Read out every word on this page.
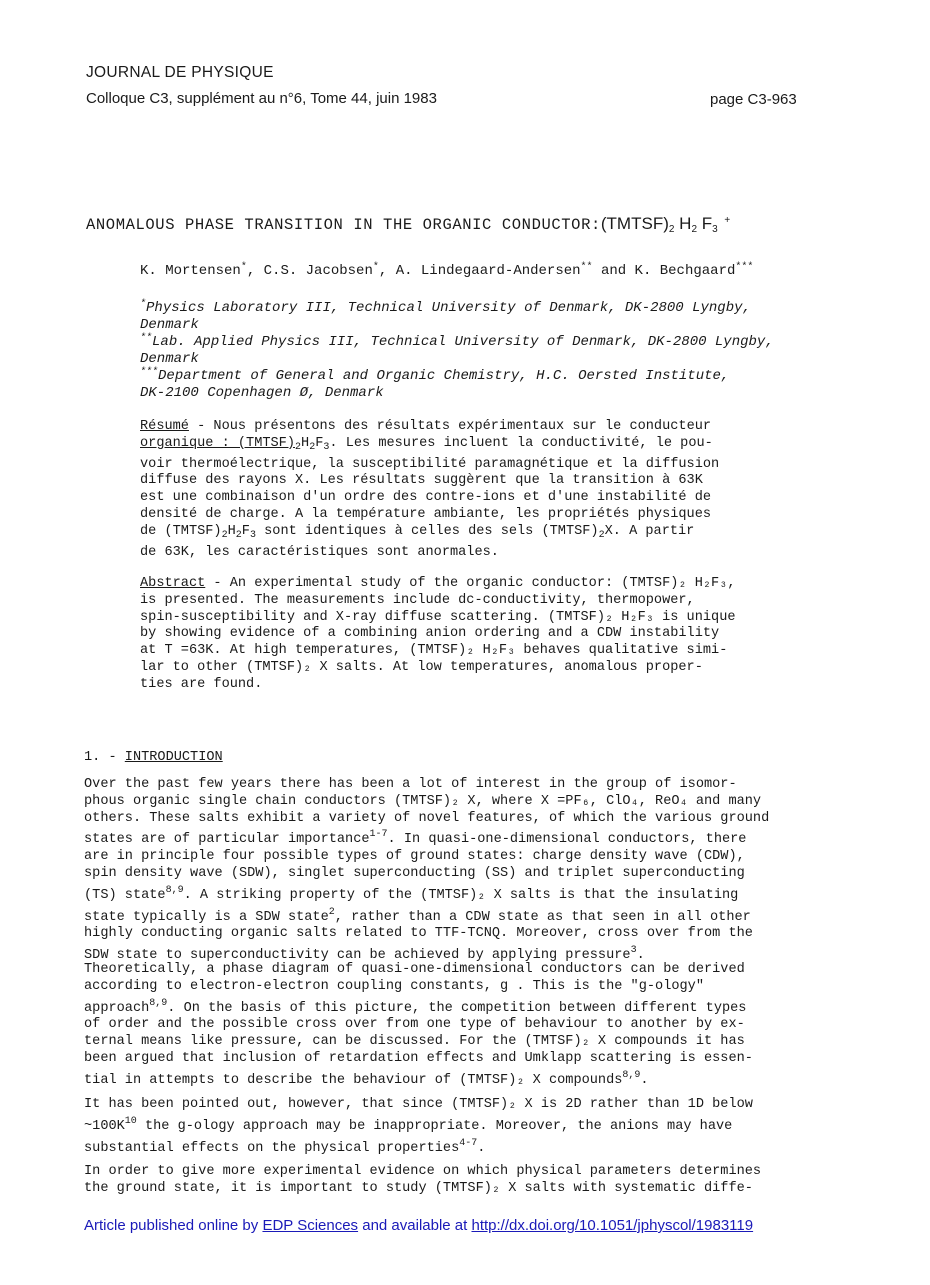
JOURNAL DE PHYSIQUE
Colloque C3, supplément au n°6, Tome 44, juin 1983	page C3-963
ANOMALOUS PHASE TRANSITION IN THE ORGANIC $CONDUCTOR:(TMTSF)_2$ $H_2$ $F_3$ +
K. Mortensen*, C.S. Jacobsen*, A. Lindegaard-Andersen** and K. Bechgaard***
*Physics Laboratory III, Technical University of Denmark, DK-2800 Lyngby,
Denmark
**Lab. Applied Physics III, Technical University of Denmark, DK-2800 Lyngby,
Denmark
***Department of General and Organic Chemistry, H.C. Oersted Institute,
DK-2100 Copenhagen Ø, Denmark
Résumé - Nous présentons des résultats expérimentaux sur le conducteur
organique : $(TMTSF)_2H_2F_3$. Les mesures incluent la conductivité, le pou-
voir thermoélectrique, la susceptibilité paramagnétique et la diffusion
diffuse des rayons X. Les résultats suggèrent que la transition à 63K
est une combinaison d'un ordre des contre-ions et d'une instabilité de
densité de charge. A la température ambiante, les propriétés physiques
de $(TMTSF)_2H_2F_3$ sont identiques à celles des sels $(TMTSF)_2X$. A partir
de 63K, les caractéristiques sont anormales.
Abstract - An experimental study of the organic conductor: (TMTSF)₂ H₂F₃,
is presented. The measurements include dc-conductivity, thermopower,
spin-susceptibility and X-ray diffuse scattering. (TMTSF)₂ H₂F₃ is unique
by showing evidence of a combining anion ordering and a CDW instability
at T =63K. At high temperatures, (TMTSF)₂ H₂F₃ behaves qualitative simi-
lar to other (TMTSF)₂ X salts. At low temperatures, anomalous proper-
ties are found.
1. - INTRODUCTION
Over the past few years there has been a lot of interest in the group of isomor-
phous organic single chain conductors (TMTSF)₂ X, where X =PF₆, ClO₄, ReO₄ and many
others. These salts exhibit a variety of novel features, of which the various ground
states are of particular importance$^{1-7}$. In quasi-one-dimensional conductors, there
are in principle four possible types of ground states: charge density wave (CDW),
spin density wave (SDW), singlet superconducting (SS) and triplet superconducting
(TS) state$^{8,9}$. A striking property of the (TMTSF)₂ X salts is that the insulating
state typically is a SDW state$^2$, rather than a CDW state as that seen in all other
highly conducting organic salts related to TTF-TCNQ. Moreover, cross over from the
SDW state to superconductivity can be achieved by applying pressure$^3$.
Theoretically, a phase diagram of quasi-one-dimensional conductors can be derived
according to electron-electron coupling constants, g . This is the "g-ology"
approach$^{8,9}$. On the basis of this picture, the competition between different types
of order and the possible cross over from one type of behaviour to another by ex-
ternal means like pressure, can be discussed. For the (TMTSF)₂ X compounds it has
been argued that inclusion of retardation effects and Umklapp scattering is essen-
tial in attempts to describe the behaviour of (TMTSF)₂ X compounds$^{8,9}$.
It has been pointed out, however, that since (TMTSF)₂ X is 2D rather than 1D below
~100K$^{10}$ the g-ology approach may be inappropriate. Moreover, the anions may have
substantial effects on the physical properties$^{4-7}$.
In order to give more experimental evidence on which physical parameters determines
the ground state, it is important to study (TMTSF)₂ X salts with systematic diffe-
Article published online by EDP Sciences and available at http://dx.doi.org/10.1051/jphyscol/1983119
